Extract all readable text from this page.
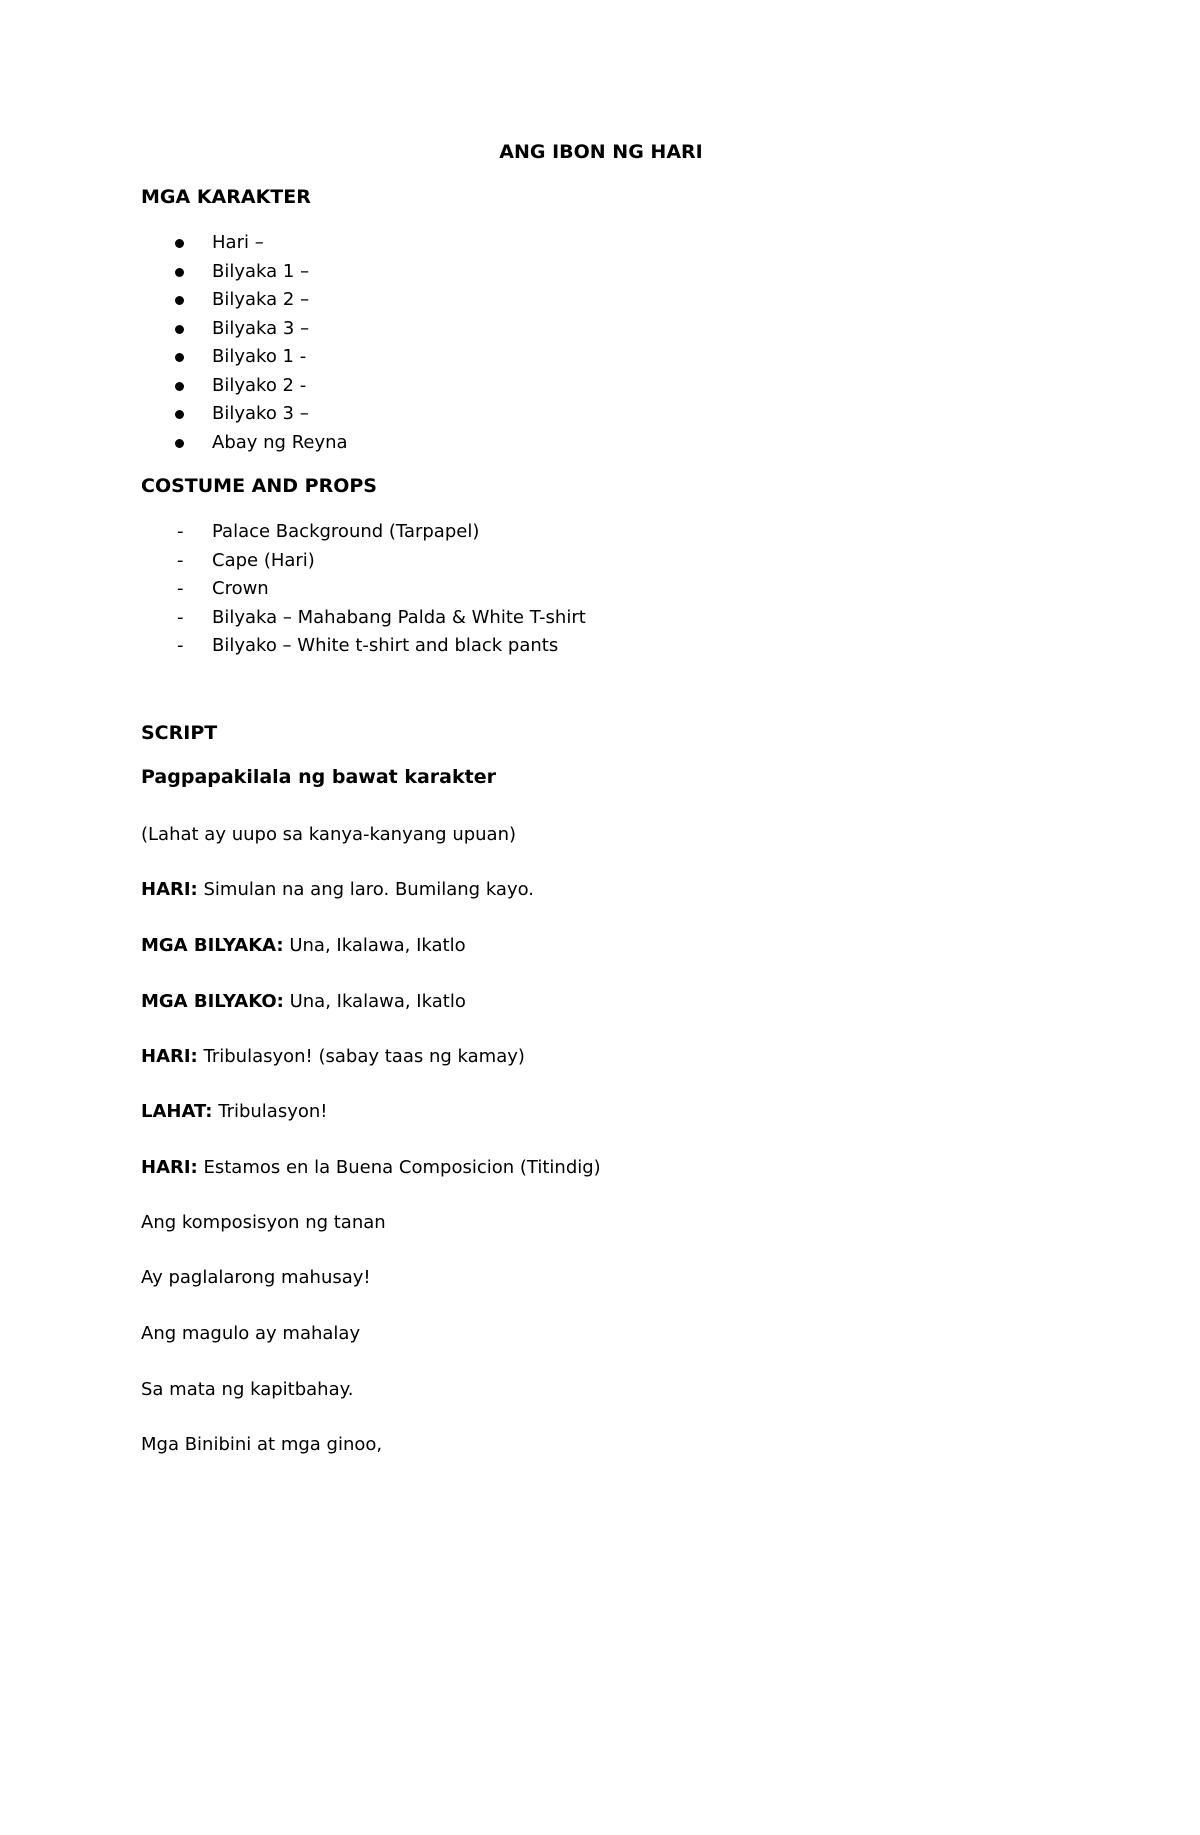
ANG IBON NG HARI
MGA KARAKTER
Hari –
Bilyaka 1 –
Bilyaka 2 –
Bilyaka 3 –
Bilyako 1 -
Bilyako 2 -
Bilyako 3 –
Abay ng Reyna
COSTUME AND PROPS
- Palace Background (Tarpapel)
- Cape (Hari)
- Crown
- Bilyaka – Mahabang Palda & White T-shirt
- Bilyako – White t-shirt and black pants
SCRIPT
Pagpapakilala ng bawat karakter
(Lahat ay uupo sa kanya-kanyang upuan)
HARI: Simulan na ang laro. Bumilang kayo.
MGA BILYAKA: Una, Ikalawa, Ikatlo
MGA BILYAKO: Una, Ikalawa, Ikatlo
HARI: Tribulasyon! (sabay taas ng kamay)
LAHAT: Tribulasyon!
HARI: Estamos en la Buena Composicion (Titindig)
Ang komposisyon ng tanan
Ay paglalarong mahusay!
Ang magulo ay mahalay
Sa mata ng kapitbahay.
Mga Binibini at mga ginoo,
